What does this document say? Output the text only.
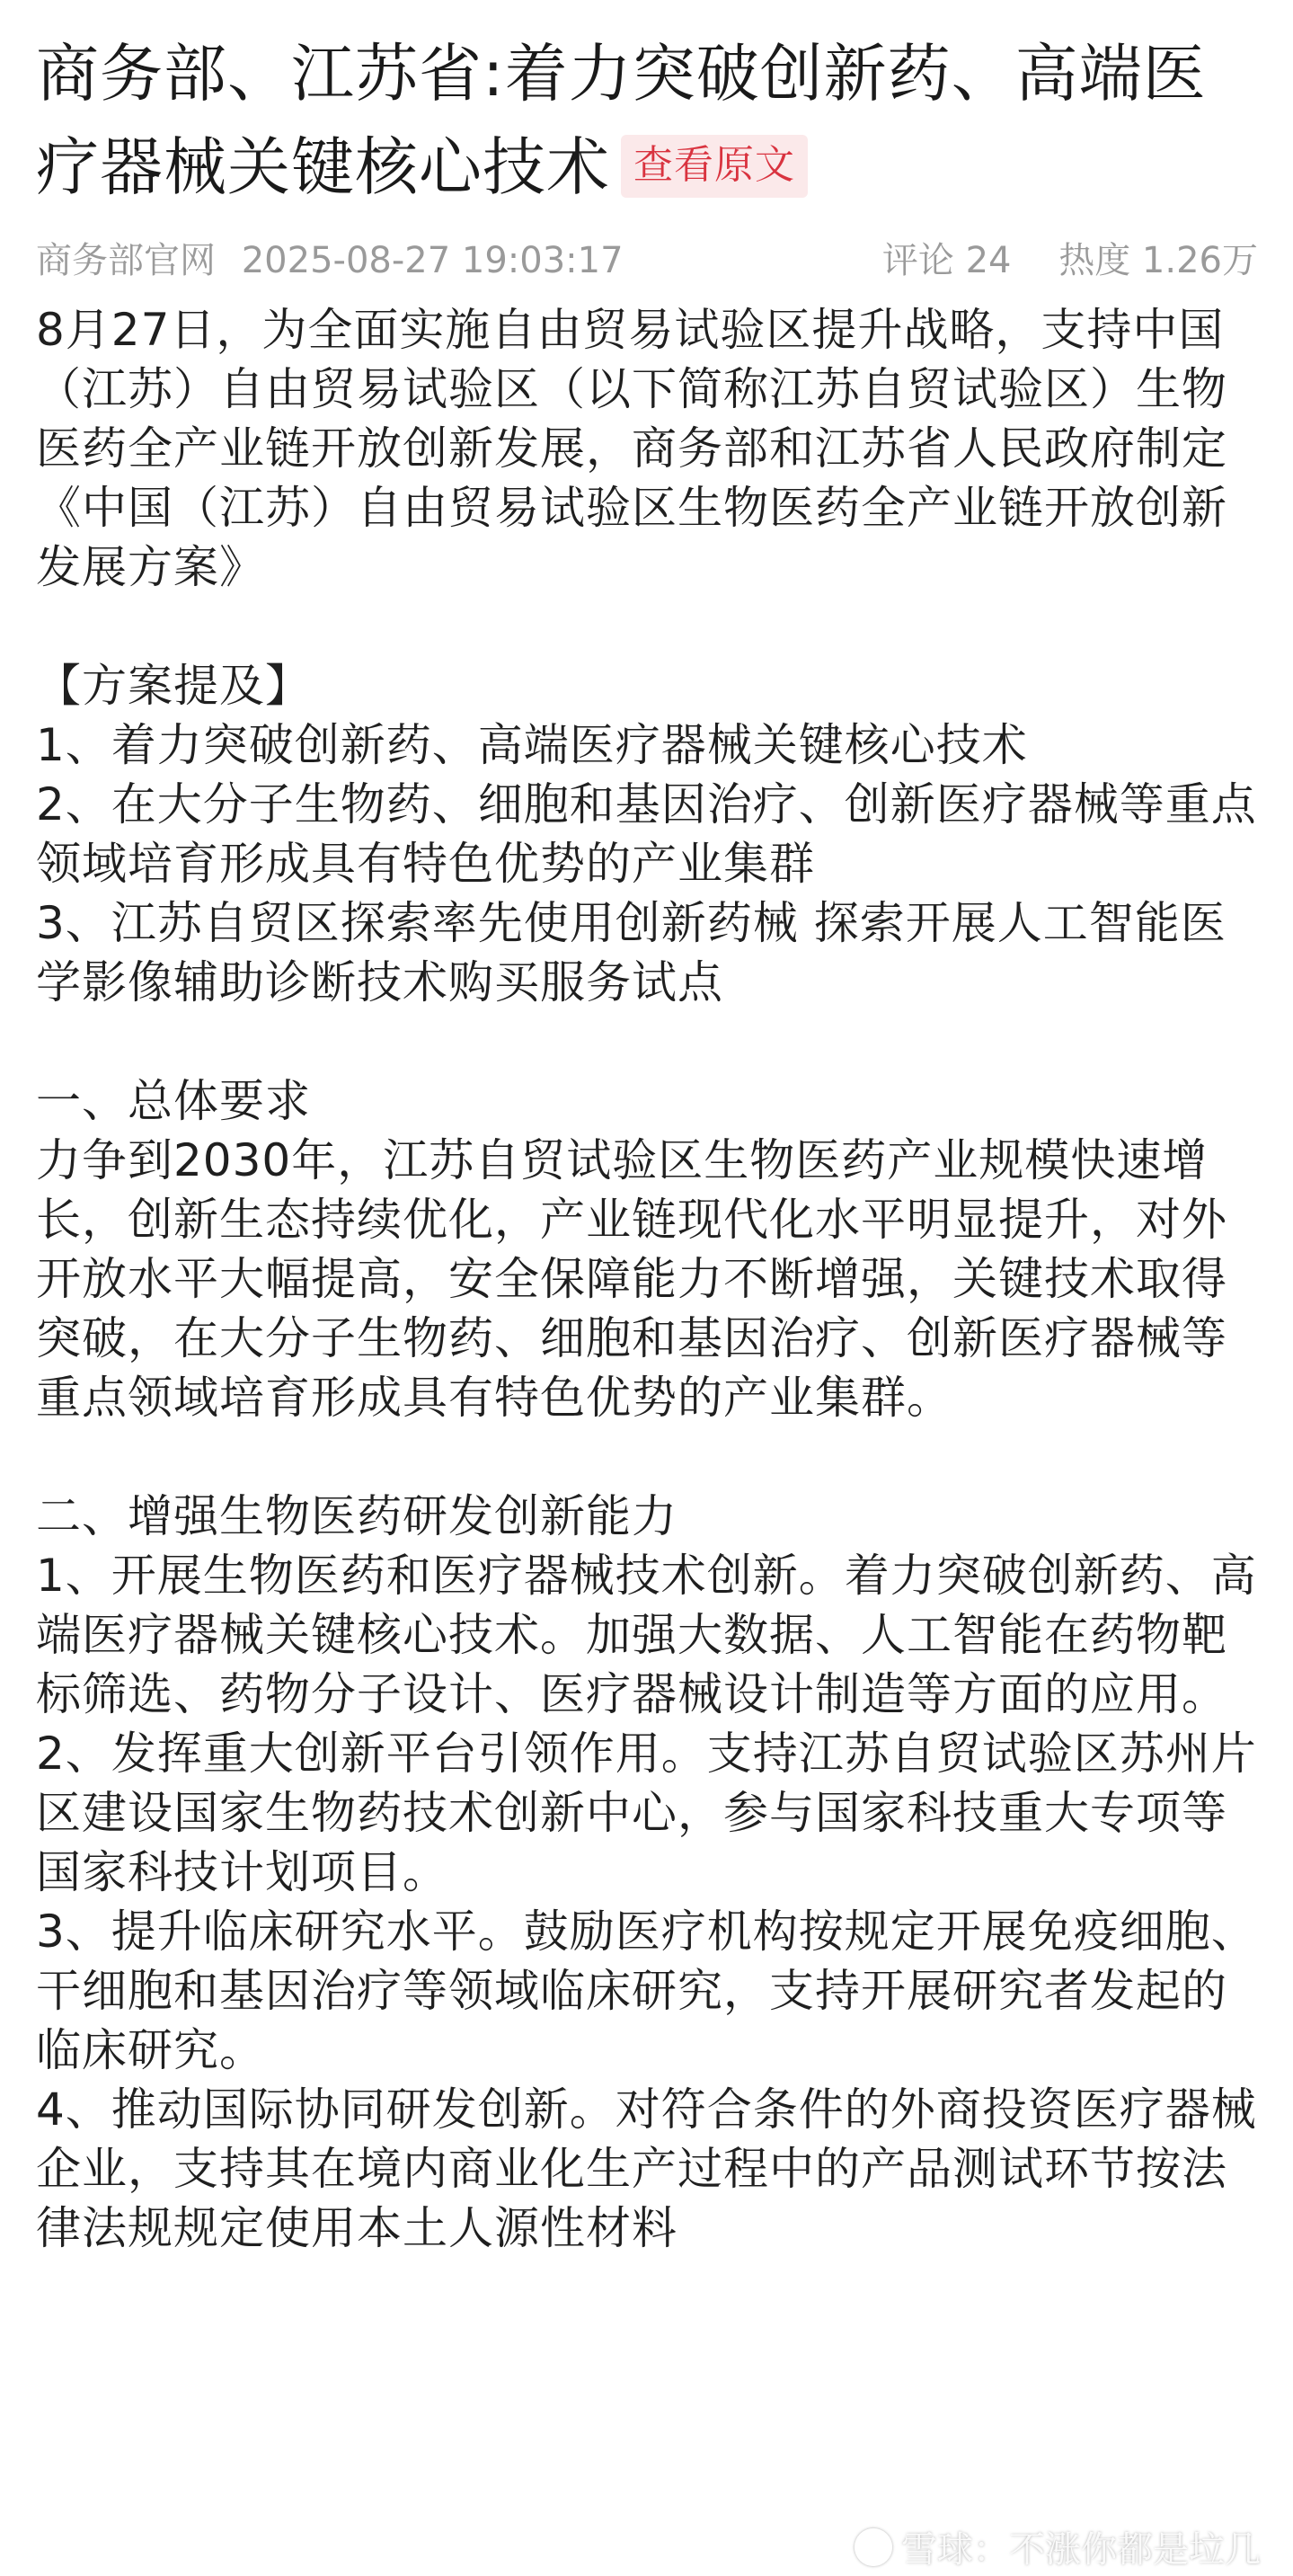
商务部、江苏省:着力突破创新药、高端医疗器械关键核心技术 查看原文
商务部官网 2025-08-27 19:03:17	评论 24 热度 1.26万

8月27日，为全面实施自由贸易试验区提升战略，支持中国（江苏）自由贸易试验区（以下简称江苏自贸试验区）生物医药全产业链开放创新发展，商务部和江苏省人民政府制定《中国（江苏）自由贸易试验区生物医药全产业链开放创新发展方案》

【方案提及】

1、着力突破创新药、高端医疗器械关键核心技术

2、在大分子生物药、细胞和基因治疗、创新医疗器械等重点领域培育形成具有特色优势的产业集群

3、江苏自贸区探索率先使用创新药械 探索开展人工智能医学影像辅助诊断技术购买服务试点

一、总体要求

力争到2030年，江苏自贸试验区生物医药产业规模快速增长，创新生态持续优化，产业链现代化水平明显提升，对外开放水平大幅提高，安全保障能力不断增强，关键技术取得突破，在大分子生物药、细胞和基因治疗、创新医疗器械等重点领域培育形成具有特色优势的产业集群。

二、增强生物医药研发创新能力

1、开展生物医药和医疗器械技术创新。着力突破创新药、高端医疗器械关键核心技术。加强大数据、人工智能在药物靶标筛选、药物分子设计、医疗器械设计制造等方面的应用。

2、发挥重大创新平台引领作用。支持江苏自贸试验区苏州片区建设国家生物药技术创新中心，参与国家科技重大专项等国家科技计划项目。

3、提升临床研究水平。鼓励医疗机构按规定开展免疫细胞、干细胞和基因治疗等领域临床研究，支持开展研究者发起的临床研究。

4、推动国际协同研发创新。对符合条件的外商投资医疗器械企业，支持其在境内商业化生产过程中的产品测试环节按法律法规规定使用本土人源性材料

雪球：不涨你都是垃几
